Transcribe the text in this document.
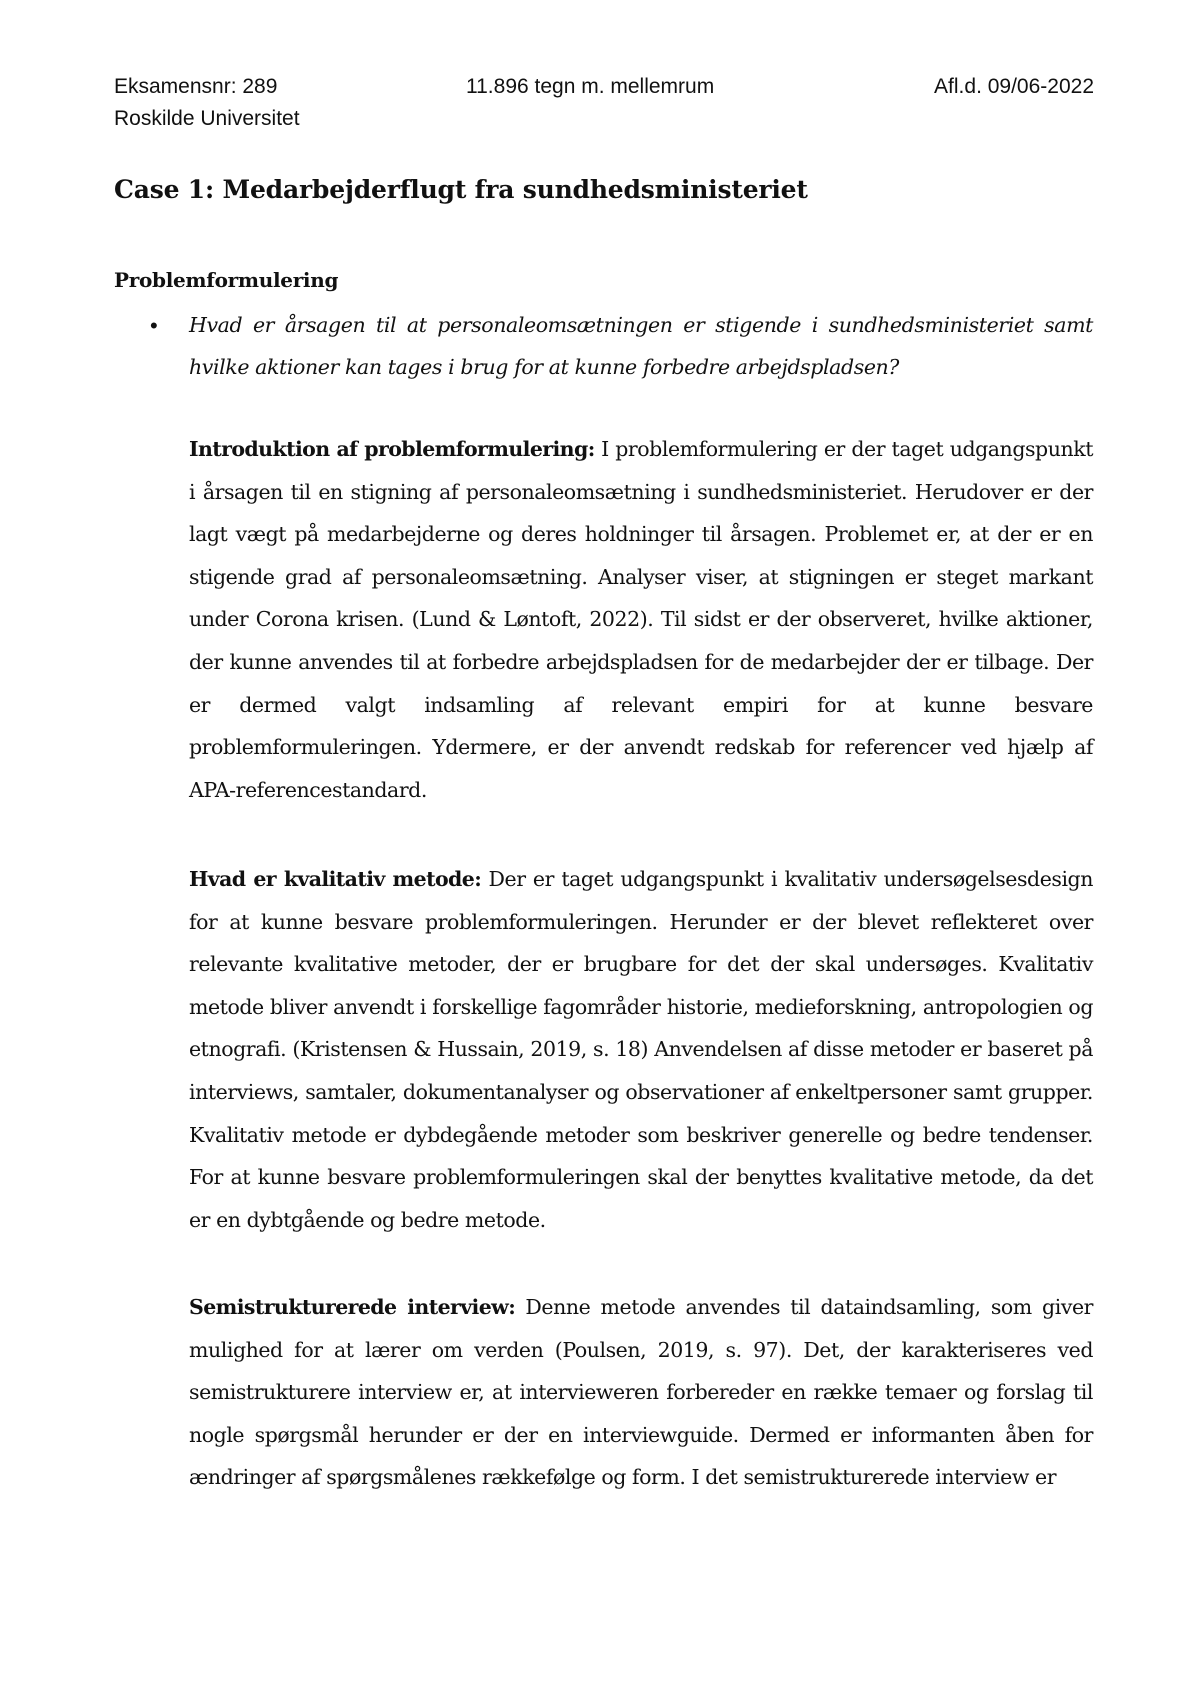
Eksamensnr: 289	11.896 tegn m. mellemrum	Afl.d. 09/06-2022
Roskilde Universitet
Case 1: Medarbejderflugt fra sundhedsministeriet
Problemformulering
• Hvad er årsagen til at personaleomsætningen er stigende i sundhedsministeriet samt hvilke aktioner kan tages i brug for at kunne forbedre arbejdspladsen?
Introduktion af problemformulering: I problemformulering er der taget udgangspunkt i årsagen til en stigning af personaleomsætning i sundhedsministeriet. Herudover er der lagt vægt på medarbejderne og deres holdninger til årsagen. Problemet er, at der er en stigende grad af personaleomsætning. Analyser viser, at stigningen er steget markant under Corona krisen. (Lund & Løntoft, 2022). Til sidst er der observeret, hvilke aktioner, der kunne anvendes til at forbedre arbejdspladsen for de medarbejder der er tilbage. Der er dermed valgt indsamling af relevant empiri for at kunne besvare problemformuleringen. Ydermere, er der anvendt redskab for referencer ved hjælp af APA-referencestandard.
Hvad er kvalitativ metode: Der er taget udgangspunkt i kvalitativ undersøgelsesdesign for at kunne besvare problemformuleringen. Herunder er der blevet reflekteret over relevante kvalitative metoder, der er brugbare for det der skal undersøges. Kvalitativ metode bliver anvendt i forskellige fagområder historie, medieforskning, antropologien og etnografi. (Kristensen & Hussain, 2019, s. 18) Anvendelsen af disse metoder er baseret på interviews, samtaler, dokumentanalyser og observationer af enkeltpersoner samt grupper. Kvalitativ metode er dybdegående metoder som beskriver generelle og bedre tendenser. For at kunne besvare problemformuleringen skal der benyttes kvalitative metode, da det er en dybtgående og bedre metode.
Semistrukturerede interview: Denne metode anvendes til dataindsamling, som giver mulighed for at lærer om verden (Poulsen, 2019, s. 97). Det, der karakteriseres ved semistrukturere interview er, at intervieweren forbereder en række temaer og forslag til nogle spørgsmål herunder er der en interviewguide. Dermed er informanten åben for ændringer af spørgsmålenes rækkefølge og form. I det semistrukturerede interview er
